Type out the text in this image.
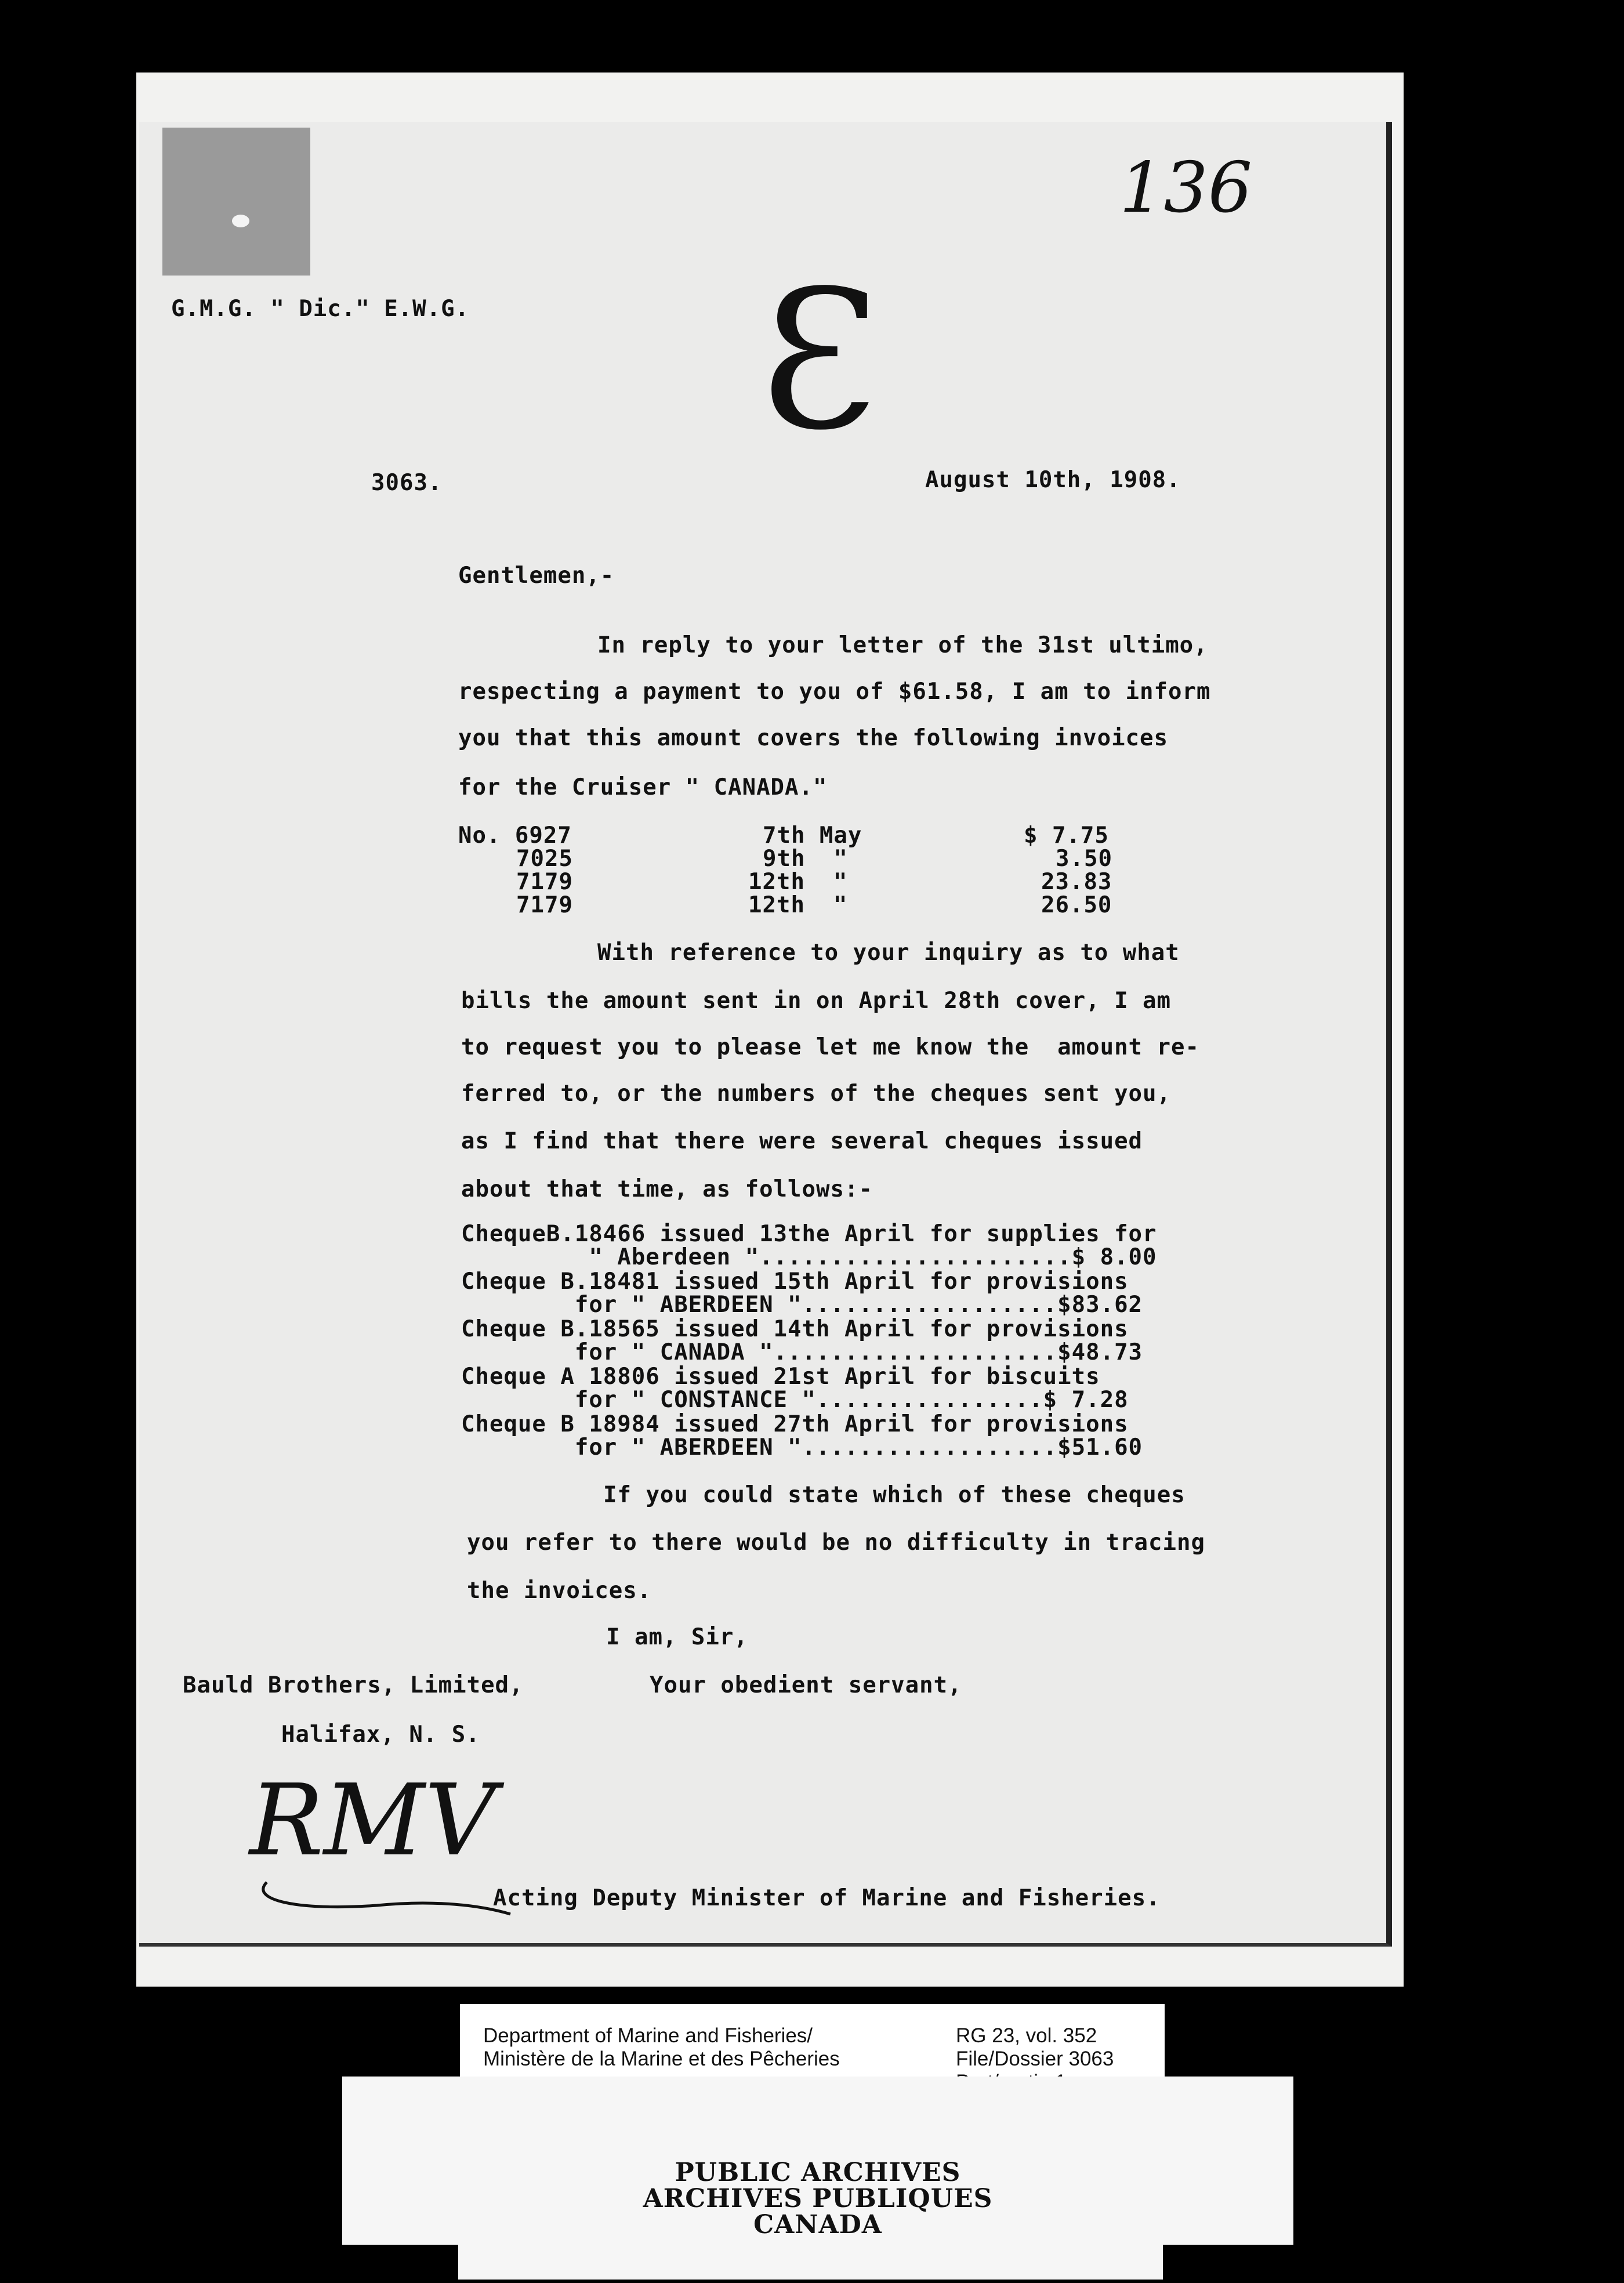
136
G.M.G. " Dic." E.W.G. Ɛ
3063.	August 10th, 1908.
Gentlemen,-
In reply to your letter of the 31st ultimo,
respecting a payment to you of $61.58, I am to inform
you that this amount covers the following invoices
for the Cruiser " CANADA."
No. 6927	7th May	$ 7.75
7025	9th  "	3.50
7179	12th  "	23.83
7179	12th  "	26.50
With reference to your inquiry as to what
bills the amount sent in on April 28th cover, I am
to request you to please let me know the  amount re-
ferred to, or the numbers of the cheques sent you,
as I find that there were several cheques issued
about that time, as follows:-
ChequeB.18466 issued 13the April for supplies for
" Aberdeen "......................$ 8.00
Cheque B.18481 issued 15th April for provisions
for " ABERDEEN "..................$83.62
Cheque B.18565 issued 14th April for provisions
for " CANADA "....................$48.73
Cheque A 18806 issued 21st April for biscuits
for " CONSTANCE "................$ 7.28
Cheque B 18984 issued 27th April for provisions
for " ABERDEEN "..................$51.60
If you could state which of these cheques
you refer to there would be no difficulty in tracing
the invoices.
I am, Sir,
Bauld Brothers, Limited,	Your obedient servant,
Halifax, N. S.
RMV
Acting Deputy Minister of Marine and Fisheries.
Department of Marine and Fisheries/
Ministère de la Marine et des Pêcheries
RG 23, vol. 352
File/Dossier 3063
PUBLIC ARCHIVES
ARCHIVES PUBLIQUES
CANADA
